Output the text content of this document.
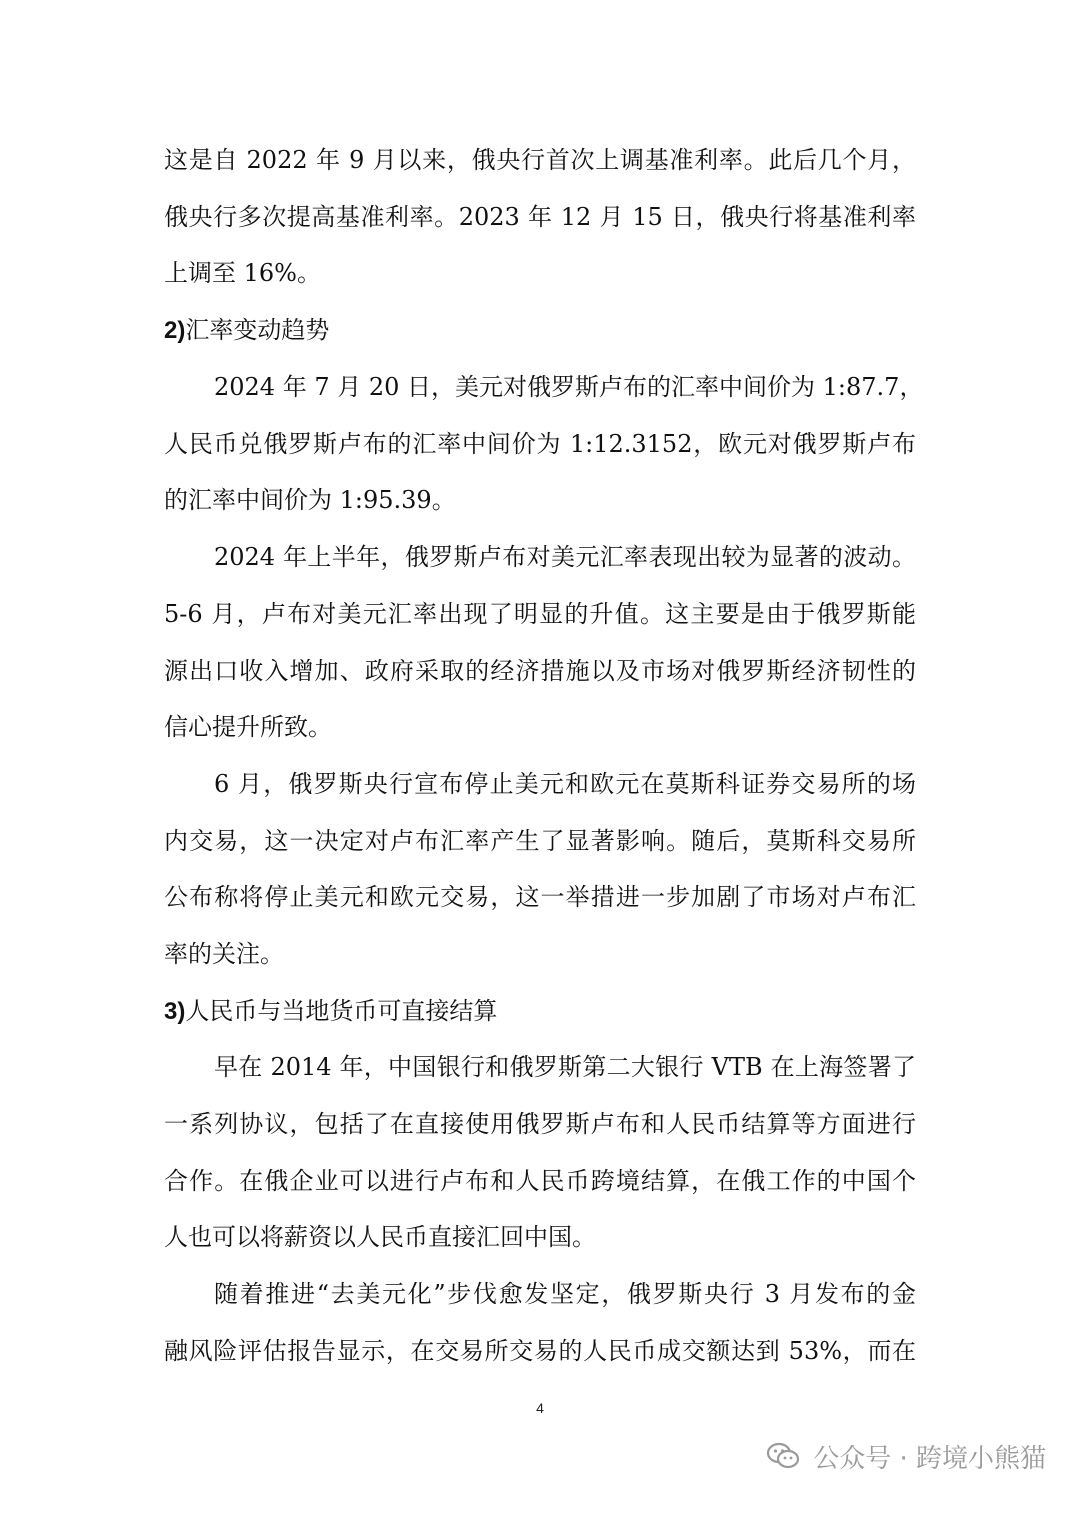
这是自 2022 年 9 月以来，俄央行首次上调基准利率。此后几个月，
俄央行多次提高基准利率。2023 年 12 月 15 日，俄央行将基准利率
上调至 16%。
2)汇率变动趋势
2024 年 7 月 20 日，美元对俄罗斯卢布的汇率中间价为 1:87.7，
人民币兑俄罗斯卢布的汇率中间价为 1:12.3152，欧元对俄罗斯卢布
的汇率中间价为 1:95.39。
2024 年上半年，俄罗斯卢布对美元汇率表现出较为显著的波动。
5-6 月，卢布对美元汇率出现了明显的升值。这主要是由于俄罗斯能
源出口收入增加、政府采取的经济措施以及市场对俄罗斯经济韧性的
信心提升所致。
6 月，俄罗斯央行宣布停止美元和欧元在莫斯科证券交易所的场
内交易，这一决定对卢布汇率产生了显著影响。随后，莫斯科交易所
公布称将停止美元和欧元交易，这一举措进一步加剧了市场对卢布汇
率的关注。
3)人民币与当地货币可直接结算
早在 2014 年，中国银行和俄罗斯第二大银行 VTB 在上海签署了
一系列协议，包括了在直接使用俄罗斯卢布和人民币结算等方面进行
合作。在俄企业可以进行卢布和人民币跨境结算，在俄工作的中国个
人也可以将薪资以人民币直接汇回中国。
随着推进“去美元化”步伐愈发坚定，俄罗斯央行 3 月发布的金
融风险评估报告显示，在交易所交易的人民币成交额达到 53%，而在
4
公众号 · 跨境小熊猫
